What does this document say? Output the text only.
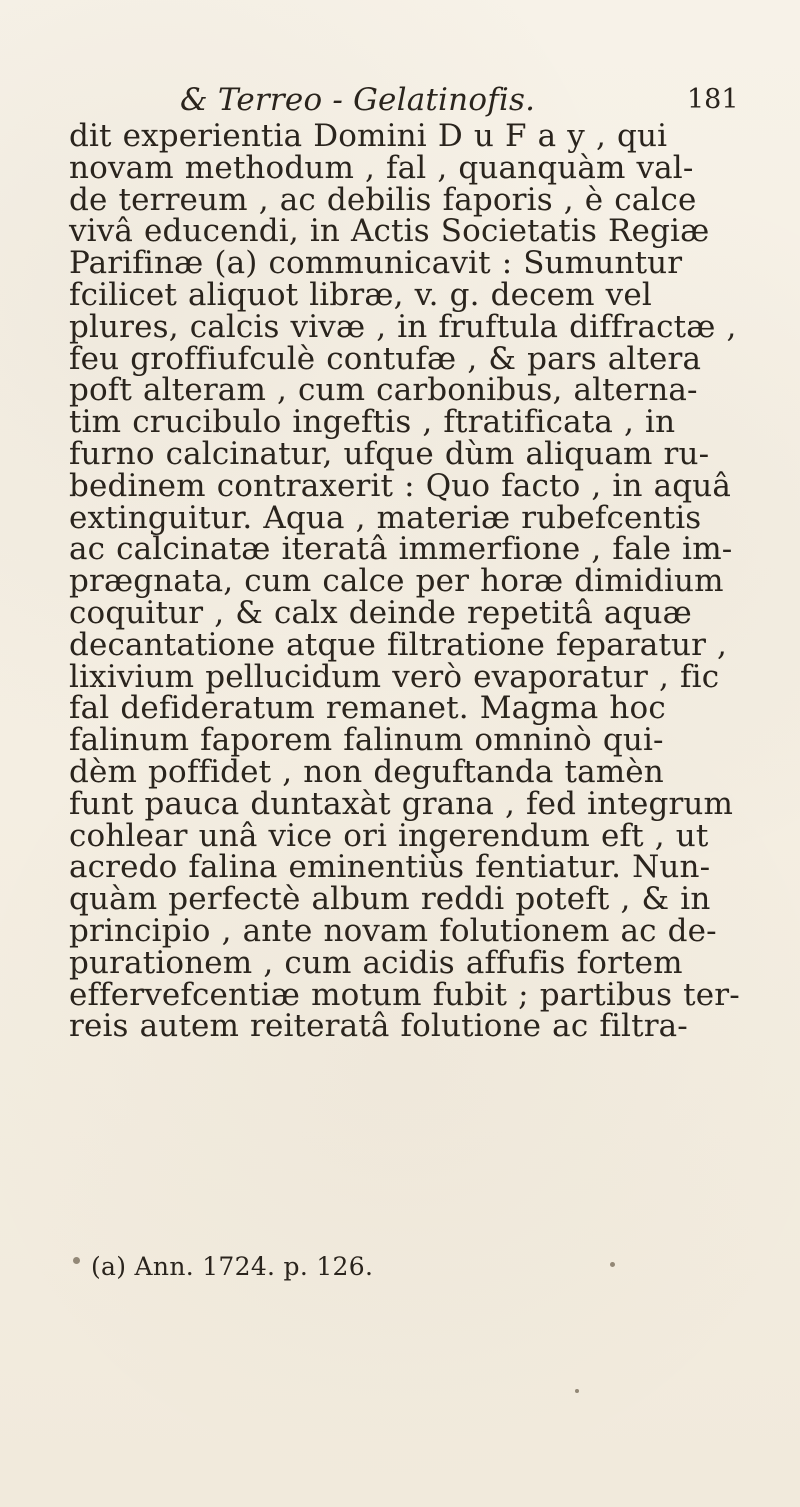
& Terreo - Gelatinofis.	181
dit experientia Domini D u F a y , qui
novam methodum , fal , quanquàm val-
de terreum , ac debilis faporis , è calce
vivâ educendi, in Actis Societatis Regiæ
Parifinæ (a) communicavit : Sumuntur
fcilicet aliquot libræ, v. g. decem vel
plures, calcis vivæ , in fruftula diffractæ ,
feu groffiufculè contufæ , & pars altera
poft alteram , cum carbonibus, alterna-
tim crucibulo ingeftis , ftratificata , in
furno calcinatur, ufque dùm aliquam ru-
bedinem contraxerit : Quo facto , in aquâ
extinguitur. Aqua , materiæ rubefcentis
ac calcinatæ iteratâ immerfione , fale im-
prægnata, cum calce per horæ dimidium
coquitur , & calx deinde repetitâ aquæ
decantatione atque filtratione feparatur ,
lixivium pellucidum verò evaporatur , fic
fal defideratum remanet. Magma hoc
falinum faporem falinum omninò qui-
dèm poffidet , non deguftanda tamèn
funt pauca duntaxàt grana , fed integrum
cohlear unâ vice ori ingerendum eft , ut
acredo falina eminentiùs fentiatur. Nun-
quàm perfectè album reddi poteft , & in
principio , ante novam folutionem ac de-
purationem , cum acidis affufis fortem
effervefcentiæ motum fubit ; partibus ter-
reis autem reiteratâ folutione ac filtra-
(a) Ann. 1724. p. 126.
